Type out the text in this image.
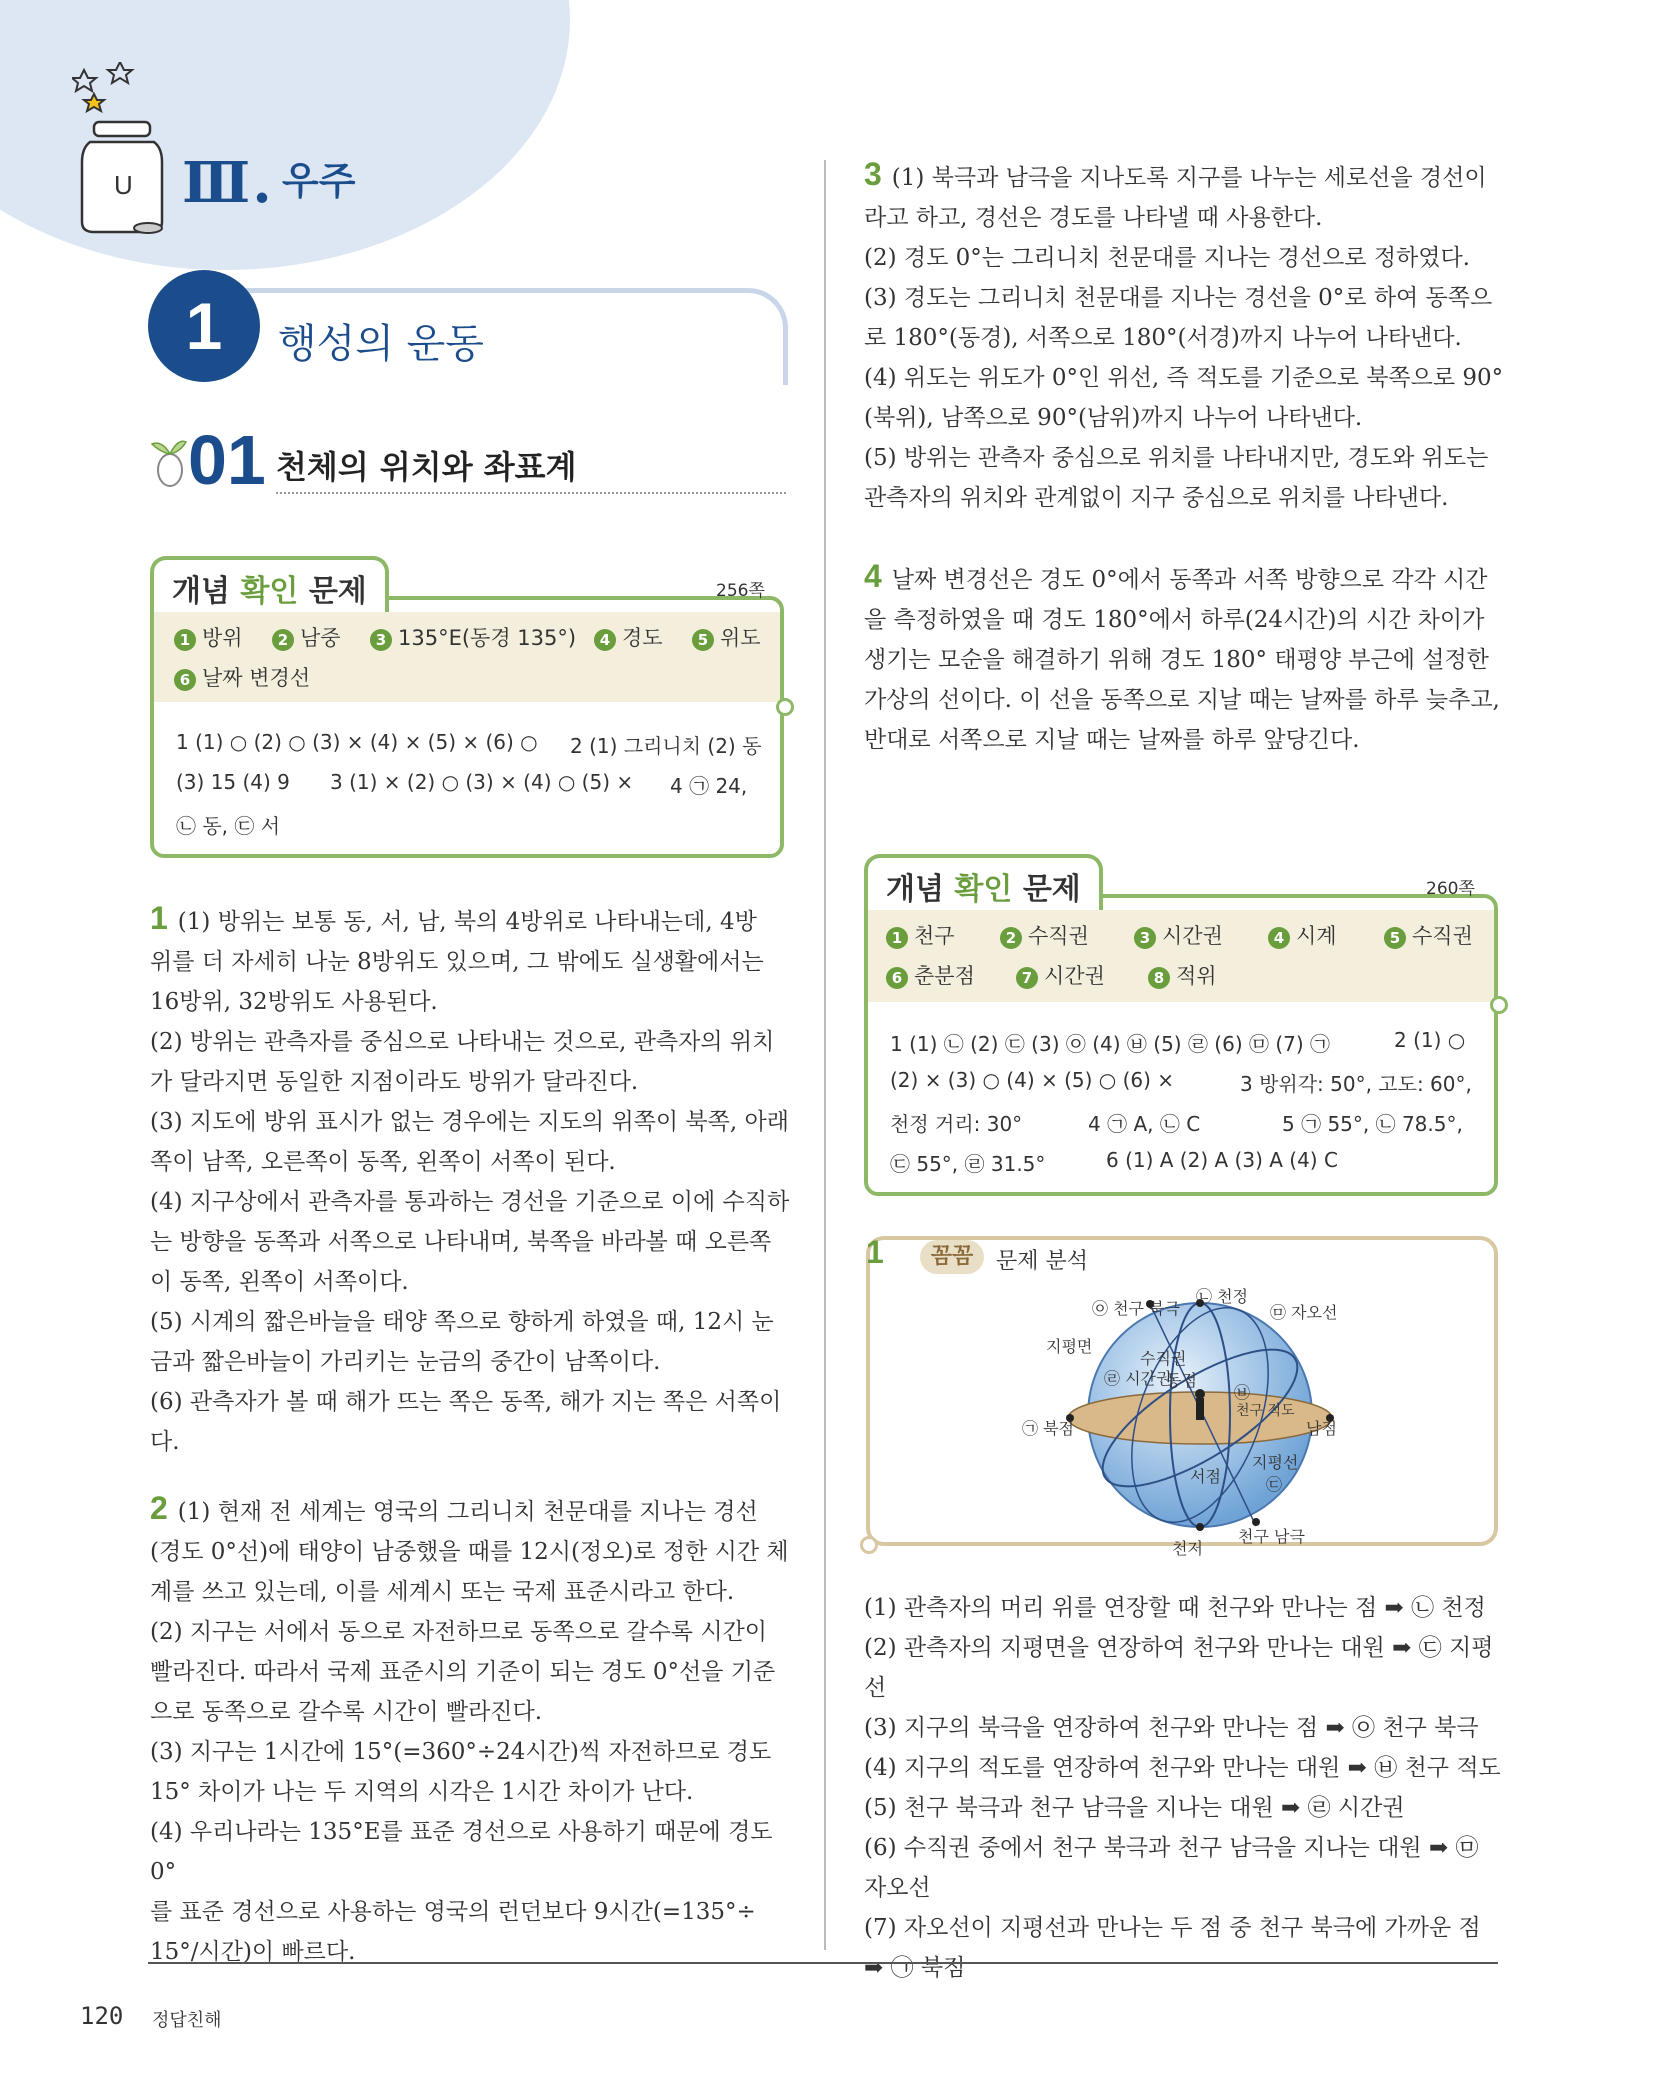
U Ⅲ. 우주
1	행성의 운동
01 천체의 위치와 좌표계
개념 확인 문제	256쪽
1 방위	2 남중	3 135°E(동경 135°)	4 경도	5 위도
6 날짜 변경선
1 (1) ○ (2) ○ (3) × (4) × (5) × (6) ○ 2 (1) 그리니치 (2) 동
(3) 15 (4) 9 3 (1) × (2) ○ (3) × (4) ○ (5) × 4 ㉠ 24,
㉡ 동, ㉢ 서

1 (1) 방위는 보통 동, 서, 남, 북의 4방위로 나타내는데, 4방

위를 더 자세히 나눈 8방위도 있으며, 그 밖에도 실생활에서는

16방위, 32방위도 사용된다.

(2) 방위는 관측자를 중심으로 나타내는 것으로, 관측자의 위치

가 달라지면 동일한 지점이라도 방위가 달라진다.

(3) 지도에 방위 표시가 없는 경우에는 지도의 위쪽이 북쪽, 아래

쪽이 남쪽, 오른쪽이 동쪽, 왼쪽이 서쪽이 된다.

(4) 지구상에서 관측자를 통과하는 경선을 기준으로 이에 수직하

는 방향을 동쪽과 서쪽으로 나타내며, 북쪽을 바라볼 때 오른쪽

이 동쪽, 왼쪽이 서쪽이다.

(5) 시계의 짧은바늘을 태양 쪽으로 향하게 하였을 때, 12시 눈

금과 짧은바늘이 가리키는 눈금의 중간이 남쪽이다.

(6) 관측자가 볼 때 해가 뜨는 쪽은 동쪽, 해가 지는 쪽은 서쪽이다.

2 (1) 현재 전 세계는 영국의 그리니치 천문대를 지나는 경선

(경도 0°선)에 태양이 남중했을 때를 12시(정오)로 정한 시간 체

계를 쓰고 있는데, 이를 세계시 또는 국제 표준시라고 한다.

(2) 지구는 서에서 동으로 자전하므로 동쪽으로 갈수록 시간이

빨라진다. 따라서 국제 표준시의 기준이 되는 경도 0°선을 기준

으로 동쪽으로 갈수록 시간이 빨라진다.

(3) 지구는 1시간에 15°(=360°÷24시간)씩 자전하므로 경도

15° 차이가 나는 두 지역의 시각은 1시간 차이가 난다.

(4) 우리나라는 135°E를 표준 경선으로 사용하기 때문에 경도 0°

를 표준 경선으로 사용하는 영국의 런던보다 9시간(=135°÷

15°/시간)이 빠르다.

3 (1) 북극과 남극을 지나도록 지구를 나누는 세로선을 경선이

라고 하고, 경선은 경도를 나타낼 때 사용한다.

(2) 경도 0°는 그리니치 천문대를 지나는 경선으로 정하였다.

(3) 경도는 그리니치 천문대를 지나는 경선을 0°로 하여 동쪽으

로 180°(동경), 서쪽으로 180°(서경)까지 나누어 나타낸다.

(4) 위도는 위도가 0°인 위선, 즉 적도를 기준으로 북쪽으로 90°

(북위), 남쪽으로 90°(남위)까지 나누어 나타낸다.

(5) 방위는 관측자 중심으로 위치를 나타내지만, 경도와 위도는

관측자의 위치와 관계없이 지구 중심으로 위치를 나타낸다.

4 날짜 변경선은 경도 0°에서 동쪽과 서쪽 방향으로 각각 시간

을 측정하였을 때 경도 180°에서 하루(24시간)의 시간 차이가

생기는 모순을 해결하기 위해 경도 180° 태평양 부근에 설정한

가상의 선이다. 이 선을 동쪽으로 지날 때는 날짜를 하루 늦추고,

반대로 서쪽으로 지날 때는 날짜를 하루 앞당긴다.

개념 확인 문제	260쪽
1 천구	2 수직권	3 시간권	4 시계	5 수직권
6 춘분점	7 시간권	8 적위
1 (1) ㉡ (2) ㉢ (3) ㉧ (4) ㉥ (5) ㉣ (6) ㉤ (7) ㉠	2 (1) ○
(2) × (3) ○ (4) × (5) ○ (6) ×	3 방위각: 50°, 고도: 60°,
천정 거리: 30°	4 ㉠ A, ㉡ C	5 ㉠ 55°, ㉡ 78.5°,
㉢ 55°, ㉣ 31.5°	6 (1) A (2) A (3) A (4) C
1	꼼꼼	문제 분석
㉧ 천구 북극
㉡ 천정
㉤ 자오선
지평면
㉣ 시간권
수직권
동점
㉠ 북점	남점
천구 적도
서점
지평선
천저
천구 남극
㉥
㉢

(1) 관측자의 머리 위를 연장할 때 천구와 만나는 점 ➡ ㉡ 천정

(2) 관측자의 지평면을 연장하여 천구와 만나는 대원 ➡ ㉢ 지평선

(3) 지구의 북극을 연장하여 천구와 만나는 점 ➡ ㉧ 천구 북극

(4) 지구의 적도를 연장하여 천구와 만나는 대원 ➡ ㉥ 천구 적도

(5) 천구 북극과 천구 남극을 지나는 대원 ➡ ㉣ 시간권

(6) 수직권 중에서 천구 북극과 천구 남극을 지나는 대원 ➡ ㉤ 자오선

(7) 자오선이 지평선과 만나는 두 점 중 천구 북극에 가까운 점

➡ ㉠ 북점

120 정답친해
